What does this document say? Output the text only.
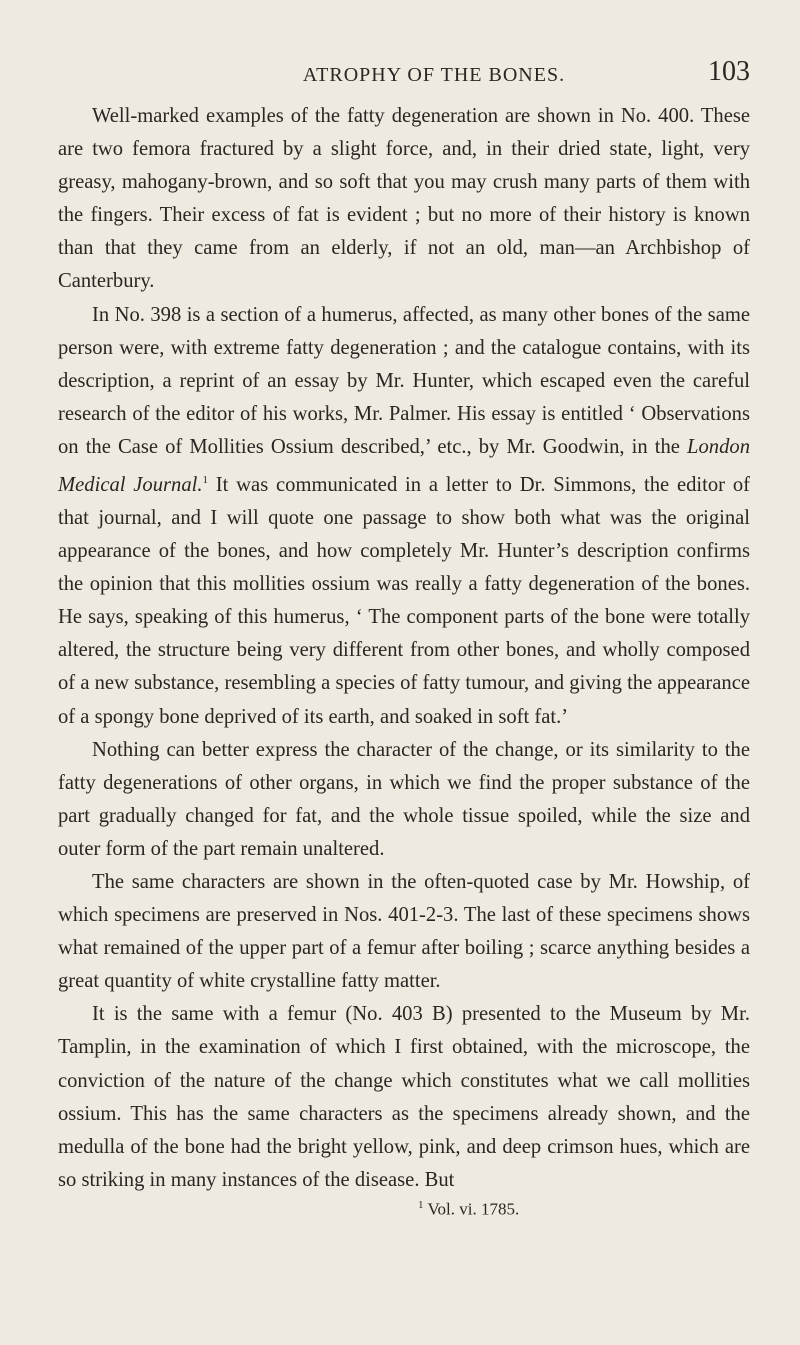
ATROPHY OF THE BONES.	103

Well-marked examples of the fatty degeneration are shown in No. 400. These are two femora fractured by a slight force, and, in their dried state, light, very greasy, mahogany-brown, and so soft that you may crush many parts of them with the fingers. Their excess of fat is evident ; but no more of their history is known than that they came from an elderly, if not an old, man—an Archbishop of Canterbury.

In No. 398 is a section of a humerus, affected, as many other bones of the same person were, with extreme fatty degeneration ; and the catalogue contains, with its description, a reprint of an essay by Mr. Hunter, which escaped even the careful research of the editor of his works, Mr. Palmer. His essay is entitled ‘ Observations on the Case of Mollities Ossium described,’ etc., by Mr. Goodwin, in the London Medical Journal.$^1$ It was communicated in a letter to Dr. Simmons, the editor of that journal, and I will quote one passage to show both what was the original appearance of the bones, and how completely Mr. Hunter’s description confirms the opinion that this mollities ossium was really a fatty degeneration of the bones. He says, speaking of this humerus, ‘ The component parts of the bone were totally altered, the structure being very different from other bones, and wholly composed of a new substance, resembling a species of fatty tumour, and giving the appearance of a spongy bone deprived of its earth, and soaked in soft fat.’

Nothing can better express the character of the change, or its similarity to the fatty degenerations of other organs, in which we find the proper substance of the part gradually changed for fat, and the whole tissue spoiled, while the size and outer form of the part remain unaltered.

The same characters are shown in the often-quoted case by Mr. Howship, of which specimens are preserved in Nos. 401-2-3. The last of these specimens shows what remained of the upper part of a femur after boiling ; scarce anything besides a great quantity of white crystalline fatty matter.

It is the same with a femur (No. 403 B) presented to the Museum by Mr. Tamplin, in the examination of which I first obtained, with the microscope, the conviction of the nature of the change which constitutes what we call mollities ossium. This has the same characters as the specimens already shown, and the medulla of the bone had the bright yellow, pink, and deep crimson hues, which are so striking in many instances of the disease. But

$^1$ Vol. vi. 1785.
